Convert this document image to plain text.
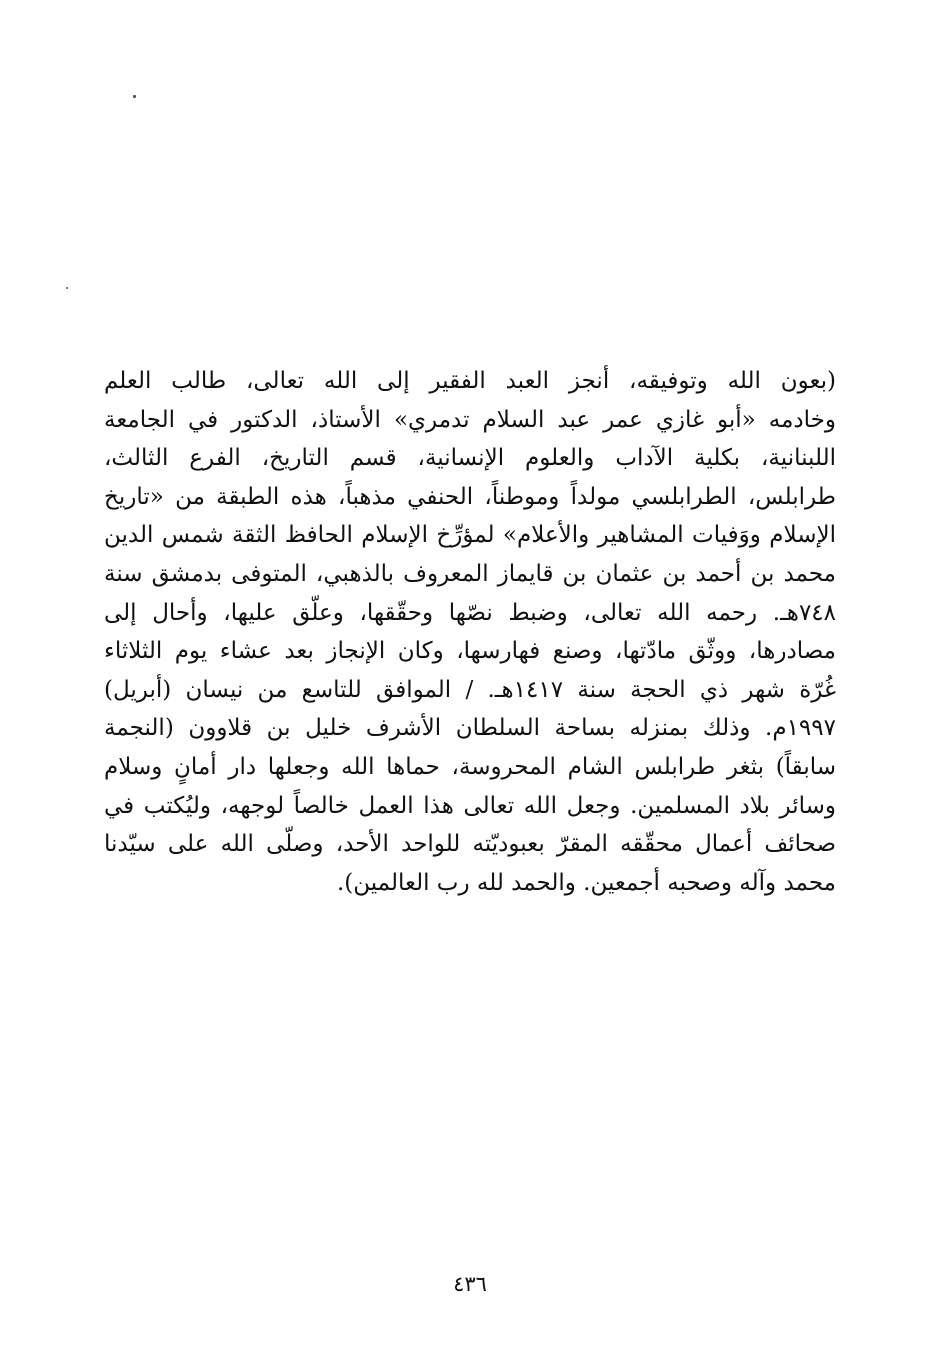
(بعون الله وتوفيقه، أنجز العبد الفقير إلى الله تعالى، طالب العلم
وخادمه «أبو غازي عمر عبد السلام تدمري» الأستاذ، الدكتور في الجامعة
اللبنانية، بكلية الآداب والعلوم الإنسانية، قسم التاريخ، الفرع الثالث،
طرابلس، الطرابلسي مولداً وموطناً، الحنفي مذهباً، هذه الطبقة من «تاريخ
الإسلام ووَفيات المشاهير والأعلام» لمؤرِّخ الإسلام الحافظ الثقة شمس الدين
محمد بن أحمد بن عثمان بن قايماز المعروف بالذهبي، المتوفى بدمشق سنة
٧٤٨هـ. رحمه الله تعالى، وضبط نصّها وحقّقها، وعلّق عليها، وأحال إلى
مصادرها، ووثّق مادّتها، وصنع فهارسها، وكان الإنجاز بعد عشاء يوم الثلاثاء
غُرّة شهر ذي الحجة سنة ١٤١٧هـ. / الموافق للتاسع من نيسان (أبريل)
١٩٩٧م. وذلك بمنزله بساحة السلطان الأشرف خليل بن قلاوون (النجمة
سابقاً) بثغر طرابلس الشام المحروسة، حماها الله وجعلها دار أمانٍ وسلام
وسائر بلاد المسلمين. وجعل الله تعالى هذا العمل خالصاً لوجهه، وليُكتب في
صحائف أعمال محقّقه المقرّ بعبوديّته للواحد الأحد، وصلّى الله على سيّدنا
محمد وآله وصحبه أجمعين. والحمد لله رب العالمين).
٤٣٦
